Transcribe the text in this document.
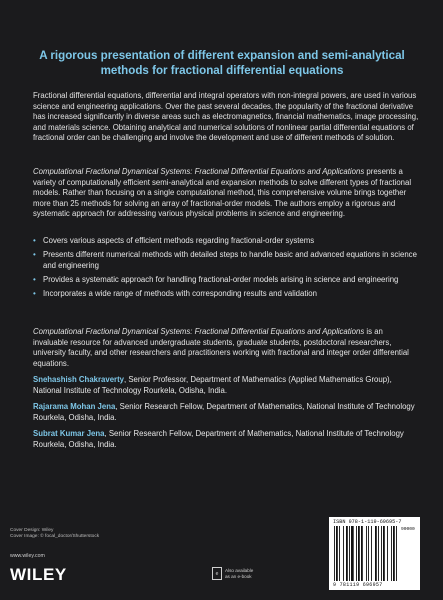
A rigorous presentation of different expansion and semi-analytical methods for fractional differential equations
Fractional differential equations, differential and integral operators with non-integral powers, are used in various science and engineering applications. Over the past several decades, the popularity of the fractional derivative has increased significantly in diverse areas such as electromagnetics, financial mathematics, image processing, and materials science. Obtaining analytical and numerical solutions of nonlinear partial differential equations of fractional order can be challenging and involve the development and use of different methods of solution.
Computational Fractional Dynamical Systems: Fractional Differential Equations and Applications presents a variety of computationally efficient semi-analytical and expansion methods to solve different types of fractional models. Rather than focusing on a single computational method, this comprehensive volume brings together more than 25 methods for solving an array of fractional-order models. The authors employ a rigorous and systematic approach for addressing various physical problems in science and engineering.
• Covers various aspects of efficient methods regarding fractional-order systems
• Presents different numerical methods with detailed steps to handle basic and advanced equations in science and engineering
• Provides a systematic approach for handling fractional-order models arising in science and engineering
• Incorporates a wide range of methods with corresponding results and validation
Computational Fractional Dynamical Systems: Fractional Differential Equations and Applications is an invaluable resource for advanced undergraduate students, graduate students, postdoctoral researchers, university faculty, and other researchers and practitioners working with fractional and integer order differential equations.
Snehashish Chakraverty, Senior Professor, Department of Mathematics (Applied Mathematics Group), National Institute of Technology Rourkela, Odisha, India.
Rajarama Mohan Jena, Senior Research Fellow, Department of Mathematics, National Institute of Technology Rourkela, Odisha, India.
Subrat Kumar Jena, Senior Research Fellow, Department of Mathematics, National Institute of Technology Rourkela, Odisha, India.
Cover Design: Wiley
Cover Image: © focal_doctor/Shutterstock
www.wiley.com
WILEY	e	Also available
as an e-book
ISBN 978-1-119-69695-7
90000
9 781119 696957
